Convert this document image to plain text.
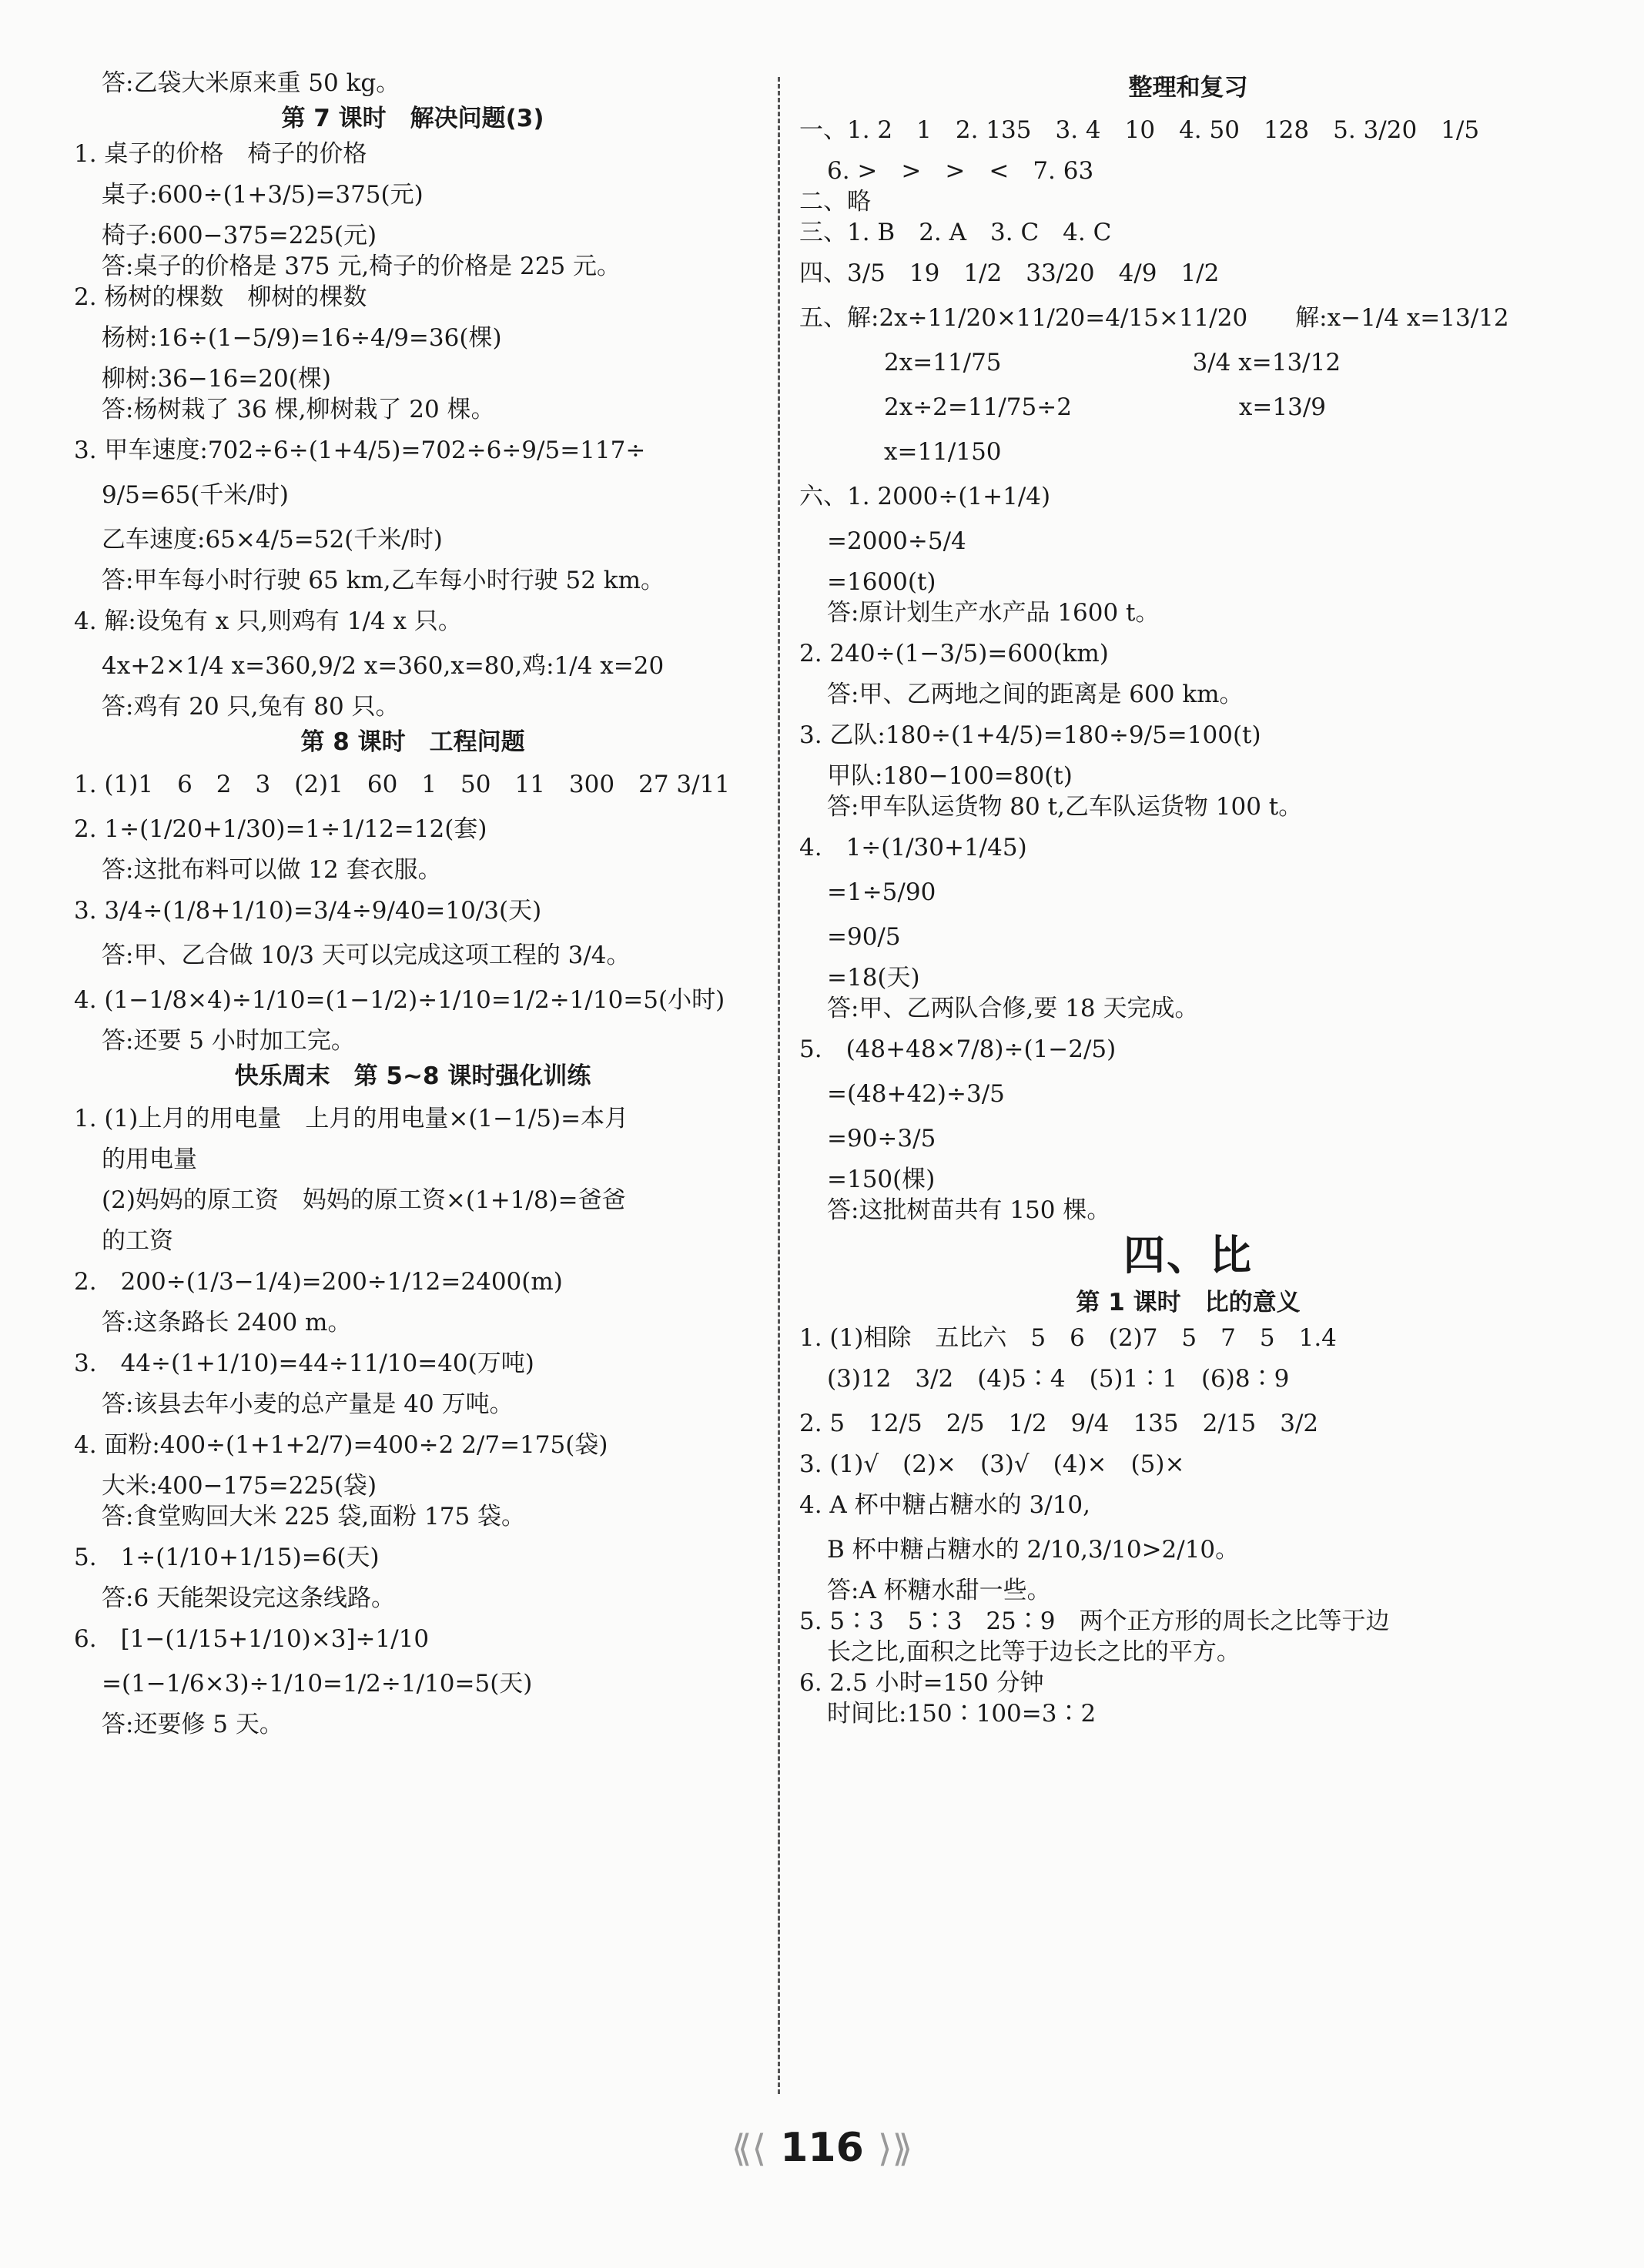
答:乙袋大米原来重 50 kg。

第 7 课时　解决问题(3)

1. 桌子的价格　椅子的价格

桌子:600÷(1+3/5)=375(元)

椅子:600−375=225(元)

答:桌子的价格是 375 元,椅子的价格是 225 元。

2. 杨树的棵数　柳树的棵数

杨树:16÷(1−5/9)=16÷4/9=36(棵)

柳树:36−16=20(棵)

答:杨树栽了 36 棵,柳树栽了 20 棵。

3. 甲车速度:702÷6÷(1+4/5)=702÷6÷9/5=117÷

9/5=65(千米/时)

乙车速度:65×4/5=52(千米/时)

答:甲车每小时行驶 65 km,乙车每小时行驶 52 km。

4. 解:设兔有 x 只,则鸡有 1/4 x 只。

4x+2×1/4 x=360,9/2 x=360,x=80,鸡:1/4 x=20

答:鸡有 20 只,兔有 80 只。

第 8 课时　工程问题

1. (1)1　6　2　3　(2)1　60　1　50　11　300　27 3/11

2. 1÷(1/20+1/30)=1÷1/12=12(套)

答:这批布料可以做 12 套衣服。

3. 3/4÷(1/8+1/10)=3/4÷9/40=10/3(天)

答:甲、乙合做 10/3 天可以完成这项工程的 3/4。

4. (1−1/8×4)÷1/10=(1−1/2)÷1/10=1/2÷1/10=5(小时)

答:还要 5 小时加工完。

快乐周末　第 5~8 课时强化训练

1. (1)上月的用电量　上月的用电量×(1−1/5)=本月

的用电量

(2)妈妈的原工资　妈妈的原工资×(1+1/8)=爸爸

的工资

2.　200÷(1/3−1/4)=200÷1/12=2400(m)

答:这条路长 2400 m。

3.　44÷(1+1/10)=44÷11/10=40(万吨)

答:该县去年小麦的总产量是 40 万吨。

4. 面粉:400÷(1+1+2/7)=400÷2 2/7=175(袋)

大米:400−175=225(袋)

答:食堂购回大米 225 袋,面粉 175 袋。

5.　1÷(1/10+1/15)=6(天)

答:6 天能架设完这条线路。

6.　[1−(1/15+1/10)×3]÷1/10

=(1−1/6×3)÷1/10=1/2÷1/10=5(天)

答:还要修 5 天。

整理和复习

一、1. 2　1　2. 135　3. 4　10　4. 50　128　5. 3/20　1/5

6. >　>　>　<　7. 63

二、略

三、1. B　2. A　3. C　4. C

四、3/5　19　1/2　33/20　4/9　1/2

五、解:2x÷11/20×11/20=4/15×11/20　　解:x−1/4 x=13/12

2x=11/75　　　　　　　　3/4 x=13/12

2x÷2=11/75÷2　　　　　　　x=13/9

x=11/150

六、1. 2000÷(1+1/4)

=2000÷5/4

=1600(t)

答:原计划生产水产品 1600 t。

2. 240÷(1−3/5)=600(km)

答:甲、乙两地之间的距离是 600 km。

3. 乙队:180÷(1+4/5)=180÷9/5=100(t)

甲队:180−100=80(t)

答:甲车队运货物 80 t,乙车队运货物 100 t。

4.　1÷(1/30+1/45)

=1÷5/90

=90/5

=18(天)

答:甲、乙两队合修,要 18 天完成。

5.　(48+48×7/8)÷(1−2/5)

=(48+42)÷3/5

=90÷3/5

=150(棵)

答:这批树苗共有 150 棵。

四、比
第 1 课时　比的意义

1. (1)相除　五比六　5　6　(2)7　5　7　5　1.4

(3)12　3/2　(4)5∶4　(5)1∶1　(6)8∶9

2. 5　12/5　2/5　1/2　9/4　135　2/15　3/2

3. (1)√　(2)×　(3)√　(4)×　(5)×

4. A 杯中糖占糖水的 3/10,

B 杯中糖占糖水的 2/10,3/10>2/10。

答:A 杯糖水甜一些。

5. 5∶3　5∶3　25∶9　两个正方形的周长之比等于边

长之比,面积之比等于边长之比的平方。

6. 2.5 小时=150 分钟

时间比:150∶100=3∶2

⟪⟨ 116 ⟩⟫
